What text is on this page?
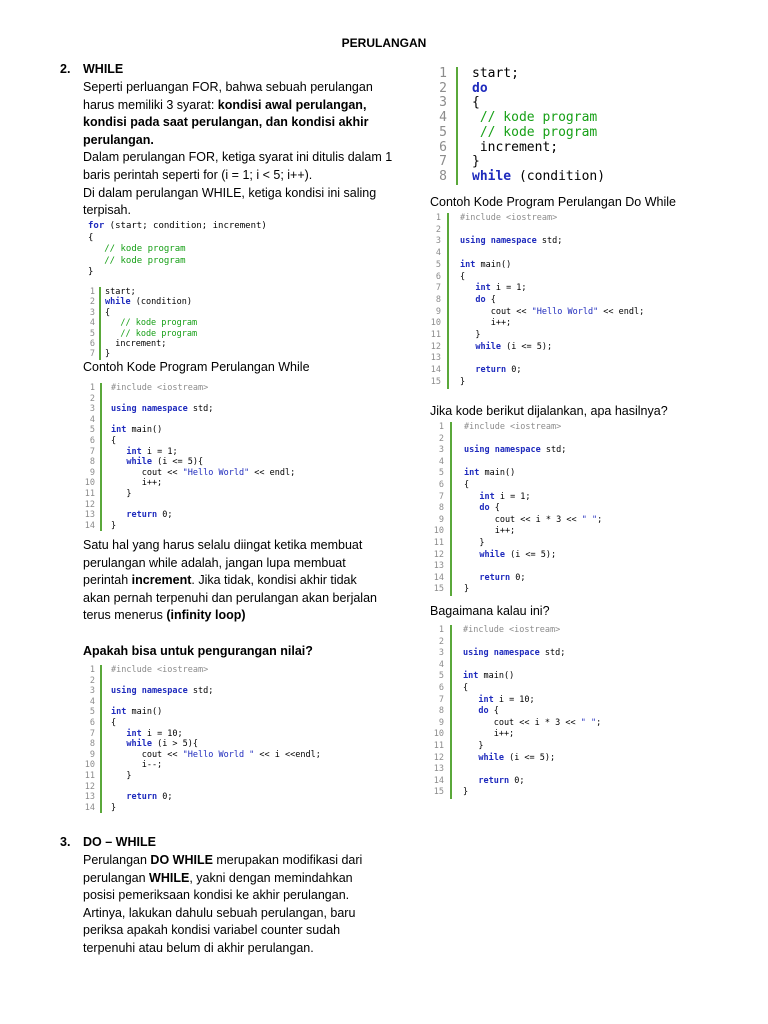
PERULANGAN
2. WHILE
Seperti perluangan FOR, bahwa sebuah perulangan harus memiliki 3 syarat: kondisi awal perulangan, kondisi pada saat perulangan, dan kondisi akhir perulangan.
Dalam perulangan FOR, ketiga syarat ini ditulis dalam 1 baris perintah seperti for (i = 1; i < 5; i++).
Di dalam perulangan WHILE, ketiga kondisi ini saling terpisah.
for (start; condition; increment)
{
// kode program
// kode program
}
1
2
3
4
5
6
7
start;
while (condition)
{
// kode program
// kode program
increment;
}
Contoh Kode Program Perulangan While
1
2
3
4
5
6
7
8
9
10
11
12
13
14
#include <iostream>

using namespace std;

int main()
{
int i = 1;
while (i <= 5){
cout << "Hello World" << endl;
i++;
}

return 0;
}
Satu hal yang harus selalu diingat ketika membuat perulangan while adalah, jangan lupa membuat perintah increment. Jika tidak, kondisi akhir tidak akan pernah terpenuhi dan perulangan akan berjalan terus menerus (infinity loop)
Apakah bisa untuk pengurangan nilai?
1
2
3
4
5
6
7
8
9
10
11
12
13
14
#include <iostream>

using namespace std;

int main()
{
int i = 10;
while (i > 5){
cout << "Hello World " << i <<endl;
i--;
}

return 0;
}
3. DO – WHILE
Perulangan DO WHILE merupakan modifikasi dari perulangan WHILE, yakni dengan memindahkan posisi pemeriksaan kondisi ke akhir perulangan. Artinya, lakukan dahulu sebuah perulangan, baru periksa apakah kondisi variabel counter sudah terpenuhi atau belum di akhir perulangan.
1
2
3
4
5
6
7
8
start;
do
{
// kode program
// kode program
increment;
}
while (condition)
Contoh Kode Program Perulangan Do While
1
2
3
4
5
6
7
8
9
10
11
12
13
14
15
#include <iostream>

using namespace std;

int main()
{
int i = 1;
do {
cout << "Hello World" << endl;
i++;
}
while (i <= 5);

return 0;
}
Jika kode berikut dijalankan, apa hasilnya?
1
2
3
4
5
6
7
8
9
10
11
12
13
14
15
#include <iostream>

using namespace std;

int main()
{
int i = 1;
do {
cout << i * 3 << " ";
i++;
}
while (i <= 5);

return 0;
}
Bagaimana kalau ini?
1
2
3
4
5
6
7
8
9
10
11
12
13
14
15
#include <iostream>

using namespace std;

int main()
{
int i = 10;
do {
cout << i * 3 << " ";
i++;
}
while (i <= 5);

return 0;
}
